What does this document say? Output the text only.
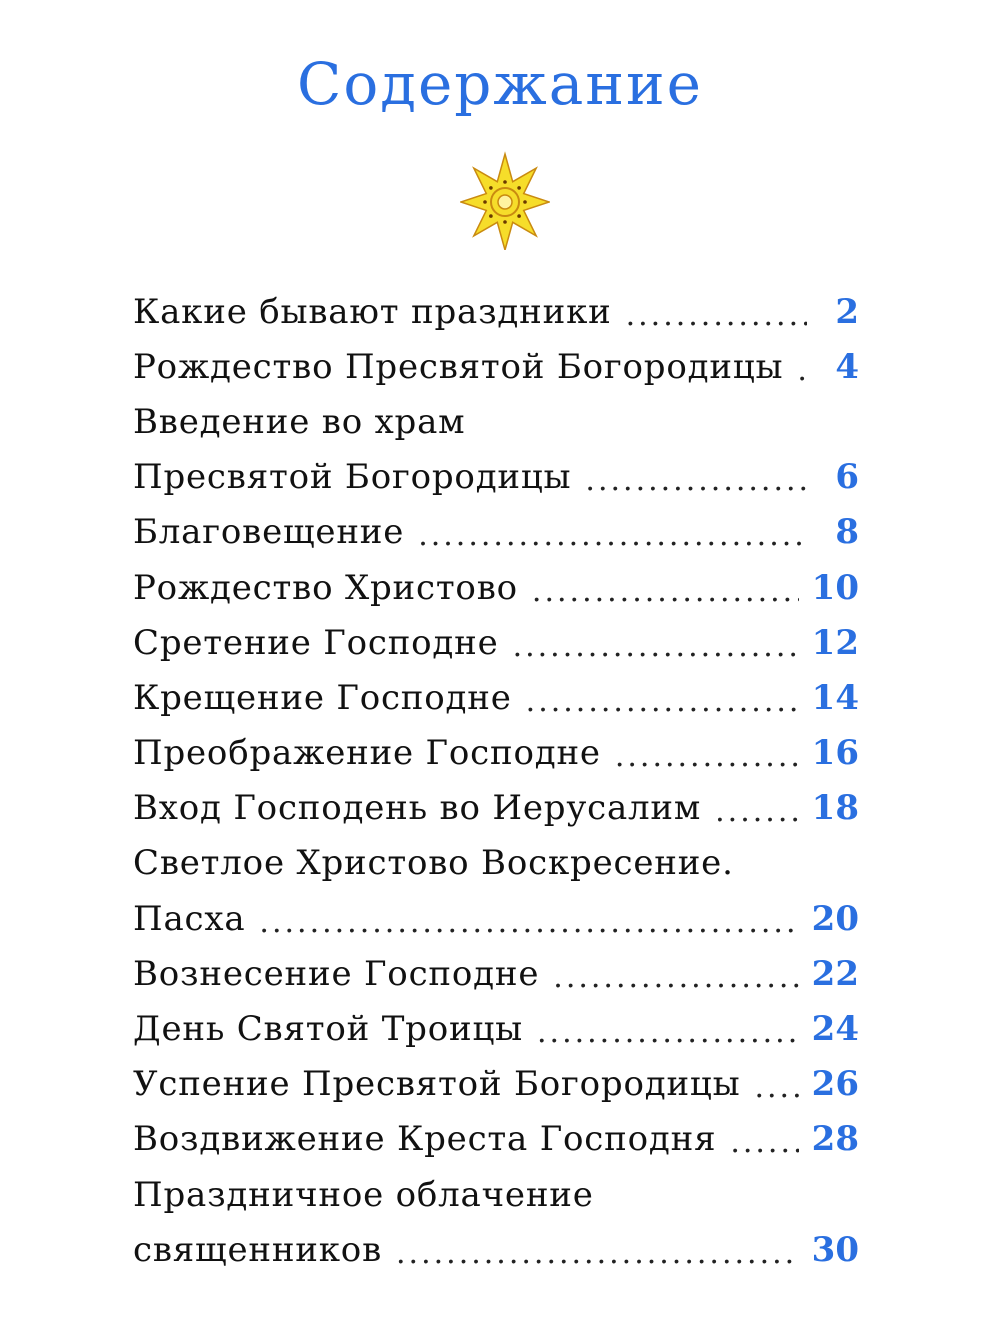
Содержание
Какие бывают праздники .....	2
Рождество Пресвятой Богородицы .....	4
Введение во храм
Пресвятой Богородицы .....	6
Благовещение .....	8
Рождество Христово .....	10
Сретение Господне .....	12
Крещение Господне .....	14
Преображение Господне .....	16
Вход Господень во Иерусалим .....	18
Светлое Христово Воскресение.
Пасха .....	20
Вознесение Господне .....	22
День Святой Троицы .....	24
Успение Пресвятой Богородицы ..... 26
Воздвижение Креста Господня .....	28
Праздничное облачение
священников .....	30
